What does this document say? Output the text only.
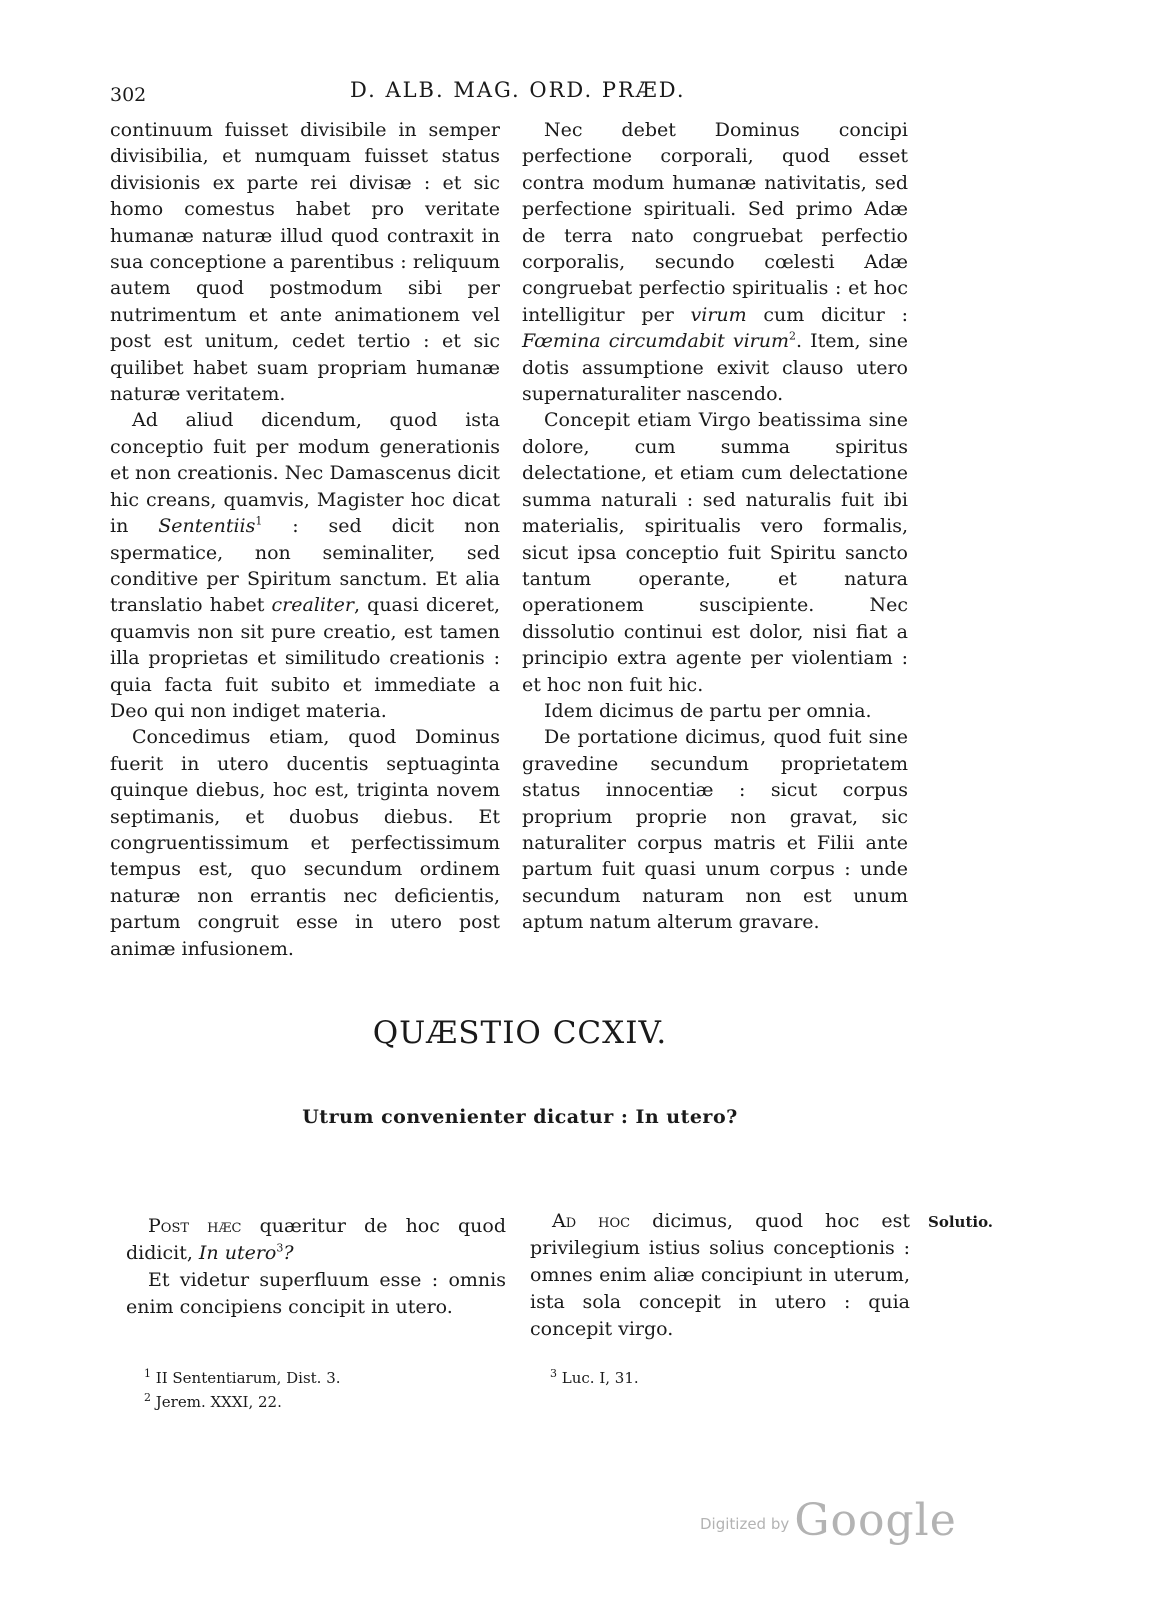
302	D. ALB. MAG. ORD. PRÆD.

continuum fuisset divisibile in semper divisibilia, et numquam fuisset status divisionis ex parte rei divisæ : et sic homo comestus habet pro veritate humanæ naturæ illud quod contraxit in sua conceptione a parentibus : reliquum autem quod postmodum sibi per nutrimentum et ante animationem vel post est unitum, cedet tertio : et sic quilibet habet suam propriam humanæ naturæ veritatem.

Ad aliud dicendum, quod ista conceptio fuit per modum generationis et non creationis. Nec Damascenus dicit hic creans, quamvis, Magister hoc dicat in Sententiis$^1$ : sed dicit non spermatice, non seminaliter, sed conditive per Spiritum sanctum. Et alia translatio habet crealiter, quasi diceret, quamvis non sit pure creatio, est tamen illa proprietas et similitudo creationis : quia facta fuit subito et immediate a Deo qui non indiget materia.

Concedimus etiam, quod Dominus fuerit in utero ducentis septuaginta quinque diebus, hoc est, triginta novem septimanis, et duobus diebus. Et congruentissimum et perfectissimum tempus est, quo secundum ordinem naturæ non errantis nec deficientis, partum congruit esse in utero post animæ infusionem.

Nec debet Dominus concipi perfectione corporali, quod esset contra modum humanæ nativitatis, sed perfectione spirituali. Sed primo Adæ de terra nato congruebat perfectio corporalis, secundo cœlesti Adæ congruebat perfectio spiritualis : et hoc intelligitur per virum cum dicitur : Fœmina circumdabit virum$^2$. Item, sine dotis assumptione exivit clauso utero supernaturaliter nascendo.

Concepit etiam Virgo beatissima sine dolore, cum summa spiritus delectatione, et etiam cum delectatione summa naturali : sed naturalis fuit ibi materialis, spiritualis vero formalis, sicut ipsa conceptio fuit Spiritu sancto tantum operante, et natura operationem suscipiente. Nec dissolutio continui est dolor, nisi fiat a principio extra agente per violentiam : et hoc non fuit hic.

Idem dicimus de partu per omnia.

De portatione dicimus, quod fuit sine gravedine secundum proprietatem status innocentiæ : sicut corpus proprium proprie non gravat, sic naturaliter corpus matris et Filii ante partum fuit quasi unum corpus : unde secundum naturam non est unum aptum natum alterum gravare.

QUÆSTIO CCXIV.
Utrum convenienter dicatur : In utero?

Post hæc quæritur de hoc quod didicit, In utero$^3$?

Et videtur superfluum esse : omnis enim concipiens concipit in utero.

Ad hoc dicimus, quod hoc est privilegium istius solius conceptionis : omnes enim aliæ concipiunt in uterum, ista sola concepit in utero : quia concepit virgo.

Solutio.
$^1$ II Sententiarum, Dist. 3.
$^2$ Jerem. XXXI, 22.
$^3$ Luc. I, 31.
Digitized by Google
